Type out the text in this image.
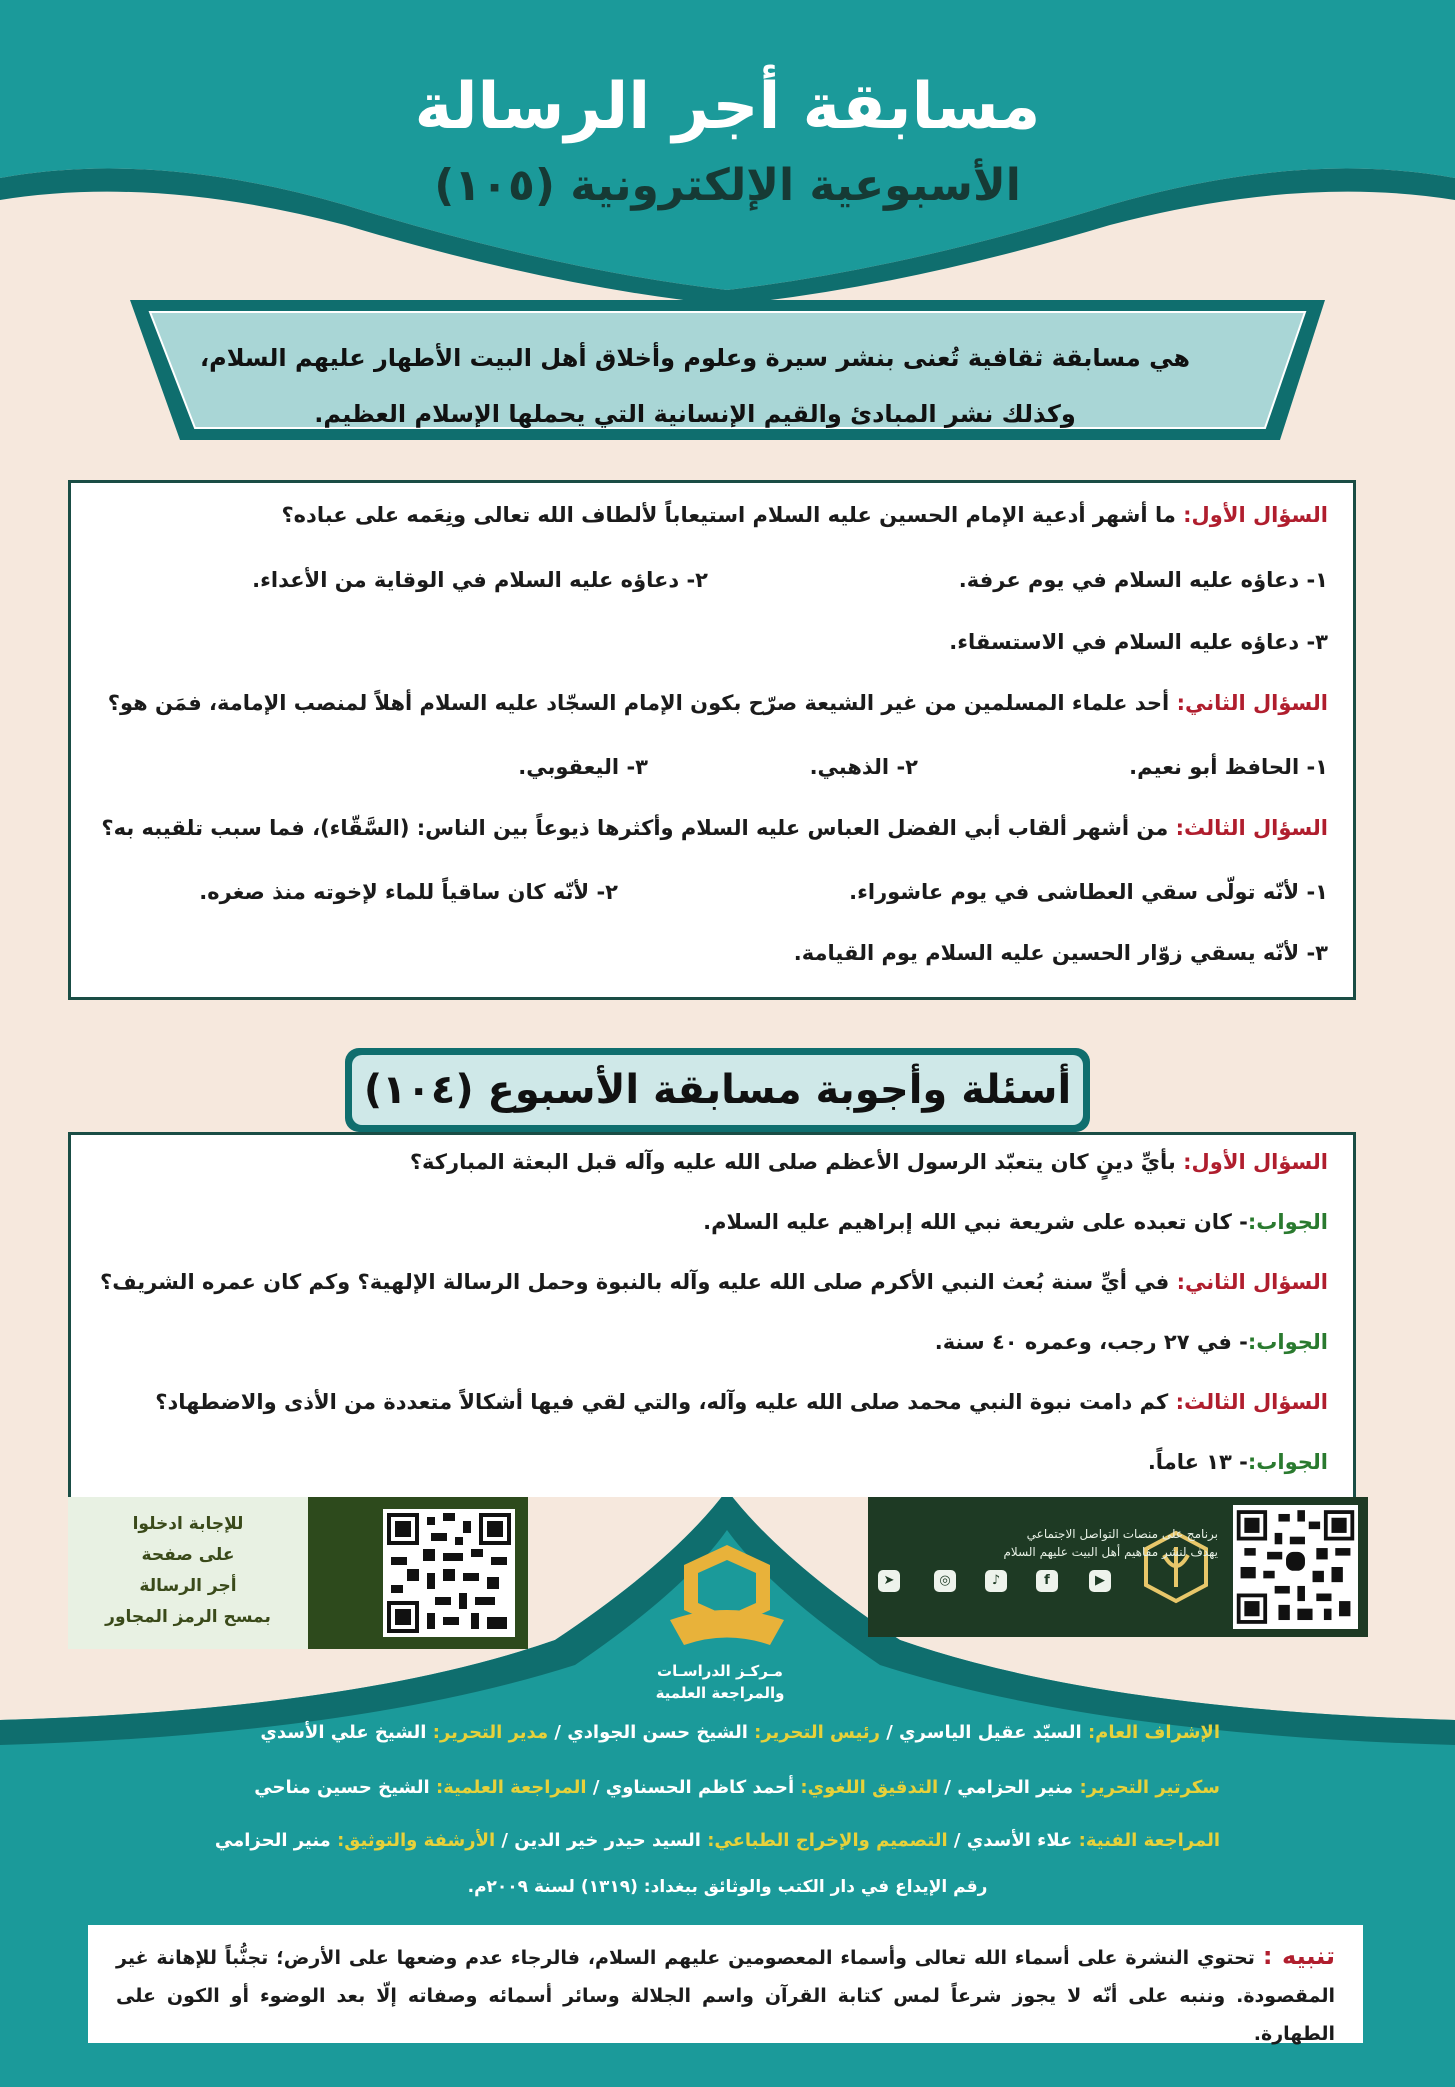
مسابقة أجر الرسالة
الأسبوعية الإلكترونية (١٠٥)
هي مسابقة ثقافية تُعنى بنشر سيرة وعلوم وأخلاق أهل البيت الأطهار عليهم السلام،
وكذلك نشر المبادئ والقيم الإنسانية التي يحملها الإسلام العظيم.
السؤال الأول: ما أشهر أدعية الإمام الحسين عليه السلام استيعاباً لألطاف الله تعالى ونِعَمه على عباده؟
١- دعاؤه عليه السلام في يوم عرفة.
٢- دعاؤه عليه السلام في الوقاية من الأعداء.
٣- دعاؤه عليه السلام في الاستسقاء.
السؤال الثاني: أحد علماء المسلمين من غير الشيعة صرّح بكون الإمام السجّاد عليه السلام أهلاً لمنصب الإمامة، فمَن هو؟
١- الحافظ أبو نعيم.
٢- الذهبي.
٣- اليعقوبي.
السؤال الثالث: من أشهر ألقاب أبي الفضل العباس عليه السلام وأكثرها ذيوعاً بين الناس: (السَّقّاء)، فما سبب تلقيبه به؟
١- لأنّه تولّى سقي العطاشى في يوم عاشوراء.
٢- لأنّه كان ساقياً للماء لإخوته منذ صغره.
٣- لأنّه يسقي زوّار الحسين عليه السلام يوم القيامة.
أسئلة وأجوبة مسابقة الأسبوع (١٠٤)
السؤال الأول: بأيِّ دينٍ كان يتعبّد الرسول الأعظم صلى الله عليه وآله قبل البعثة المباركة؟
الجواب:- كان تعبده على شريعة نبي الله إبراهيم عليه السلام.
السؤال الثاني: في أيِّ سنة بُعث النبي الأكرم صلى الله عليه وآله بالنبوة وحمل الرسالة الإلهية؟ وكم كان عمره الشريف؟
الجواب:- في ٢٧ رجب، وعمره ٤٠ سنة.
السؤال الثالث: كم دامت نبوة النبي محمد صلى الله عليه وآله، والتي لقي فيها أشكالاً متعددة من الأذى والاضطهاد؟
الجواب:- ١٣ عاماً.
للإجابة ادخلوا
على صفحة
أجر الرسالة
بمسح الرمز المجاور
برنامج على منصات التواصل الاجتماعي
يهدف لنشر مفاهيم أهل البيت عليهم السلام
➤	◎	♪	f	▶
مـركـز الدراسـات
والمراجعة العلمية
الإشراف العام: السيّد عقيل الياسري / رئيس التحرير: الشيخ حسن الجوادي / مدير التحرير: الشيخ علي الأسدي
سكرتير التحرير: منير الحزامي / التدقيق اللغوي: أحمد كاظم الحسناوي / المراجعة العلمية: الشيخ حسين مناحي
المراجعة الفنية: علاء الأسدي / التصميم والإخراج الطباعي: السيد حيدر خير الدين / الأرشفة والتوثيق: منير الحزامي
رقم الإيداع في دار الكتب والوثائق ببغداد: (١٣١٩) لسنة ٢٠٠٩م.
تنبيه : تحتوي النشرة على أسماء الله تعالى وأسماء المعصومين عليهم السلام، فالرجاء عدم وضعها على الأرض؛ تجنُّباً للإهانة غير المقصودة. وننبه على أنّه لا يجوز شرعاً لمس كتابة القرآن واسم الجلالة وسائر أسمائه وصفاته إلّا بعد الوضوء أو الكون على الطهارة.
